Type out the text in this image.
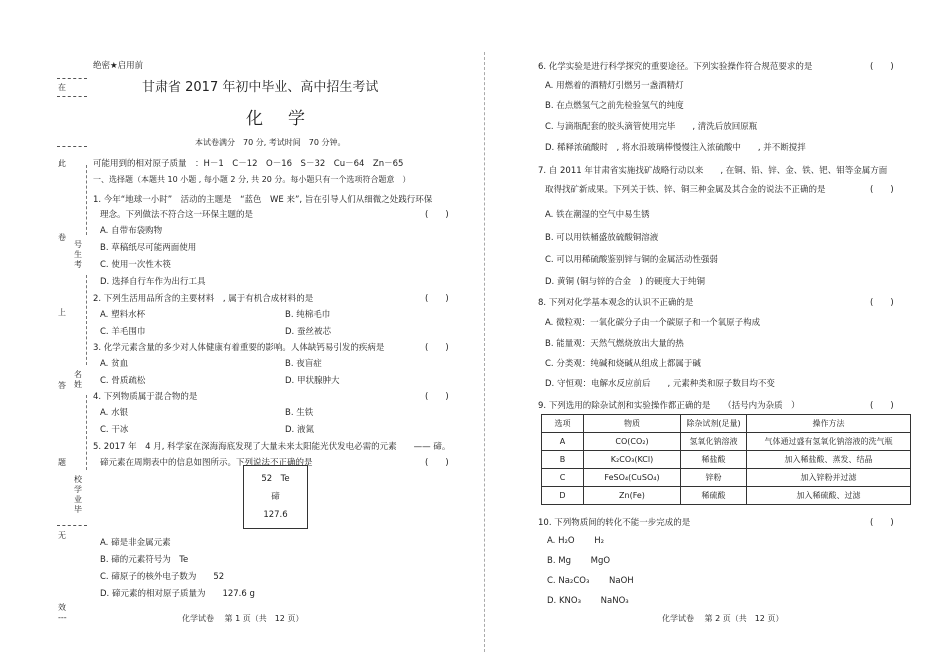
在
此
卷
号生考
上
名姓
答
题
校学业毕
无
效
---
绝密★启用前
甘肃省 2017 年初中毕业、高中招生考试
化　学
本试卷满分　70 分, 考试时间　70 分钟。
可能用到的相对原子质量　：H－1　C－12　O－16　S－32　Cu－64　Zn－65
一、选择题（本题共 10 小题 , 每小题 2 分, 共 20 分。每小题只有一个选项符合题意　）
1. 今年“地球一小时”　活动的主题是　“蓝色　WE 来”, 旨在引导人们从细微之处践行环保
理念。下列做法不符合这一环保主题的是	(　　)
A. 自带布袋购物
B. 草稿纸尽可能两面使用
C. 使用一次性木筷
D. 选择自行车作为出行工具
2. 下列生活用品所含的主要材料　, 属于有机合成材料的是	(　　)
A. 塑料水杯	B. 纯棉毛巾
C. 羊毛围巾	D. 蚕丝被芯
3. 化学元素含量的多少对人体健康有着重要的影响。人体缺钙易引发的疾病是	(　　)
A. 贫血	B. 夜盲症
C. 骨质疏松	D. 甲状腺肿大
4. 下列物质属于混合物的是	(　　)
A. 水银	B. 生铁
C. 干冰	D. 液氮
5. 2017 年　4 月, 科学家在深海海底发现了大量未来太阳能光伏发电必需的元素　　—— 碲。
碲元素在周期表中的信息如图所示。下列说法不正确的是	(　　)
52　 Te
碲
127.6
A. 碲是非金属元素
B. 碲的元素符号为　Te
C. 碲原子的核外电子数为　　52
D. 碲元素的相对原子质量为　　127.6 g
化学试卷　 第 1 页（共　12 页）
6. 化学实验是进行科学探究的重要途径。下列实验操作符合规范要求的是	(　　)
A. 用燃着的酒精灯引燃另一盏酒精灯
B. 在点燃氢气之前先检验氢气的纯度
C. 与滴瓶配套的胶头滴管使用完毕　　, 清洗后放回原瓶
D. 稀释浓硫酸时　, 将水沿玻璃棒慢慢注入浓硫酸中　　, 并不断搅拌
7. 自 2011 年甘肃省实施找矿战略行动以来　　, 在铜、铅、锌、金、铁、钯、钼等金属方面
取得找矿新成果。下列关于铁、锌、铜三种金属及其合金的说法不正确的是	(　　)
A. 铁在潮湿的空气中易生锈
B. 可以用铁桶盛放硫酸铜溶液
C. 可以用稀硫酸鉴别锌与铜的金属活动性强弱
D. 黄铜 (铜与锌的合金　) 的硬度大于纯铜
8. 下列对化学基本观念的认识不正确的是	(　　)
A. 微粒观：一氧化碳分子由一个碳原子和一个氧原子构成
B. 能量观：天然气燃烧放出大量的热
C. 分类观：纯碱和烧碱从组成上都属于碱
D. 守恒观：电解水反应前后　　, 元素种类和原子数目均不变
9. 下列选用的除杂试剂和实验操作都正确的是　　（括号内为杂质　）	(　　)
选项	物质	除杂试剂(足量)	操作方法
A	CO(CO₂)	氢氧化钠溶液	气体通过盛有氢氧化钠溶液的洗气瓶
B	K₂CO₃(KCl)	稀盐酸	加入稀盐酸、蒸发、结晶
C	FeSO₄(CuSO₄)	锌粉	加入锌粉并过滤
D	Zn(Fe)	稀硫酸	加入稀硫酸、过滤
10. 下列物质间的转化不能一步完成的是	(　　)
A. H₂O　　 H₂
B. Mg　　 MgO
C. Na₂CO₃　　 NaOH
D. KNO₃　　 NaNO₃
化学试卷　 第 2 页（共　12 页）
